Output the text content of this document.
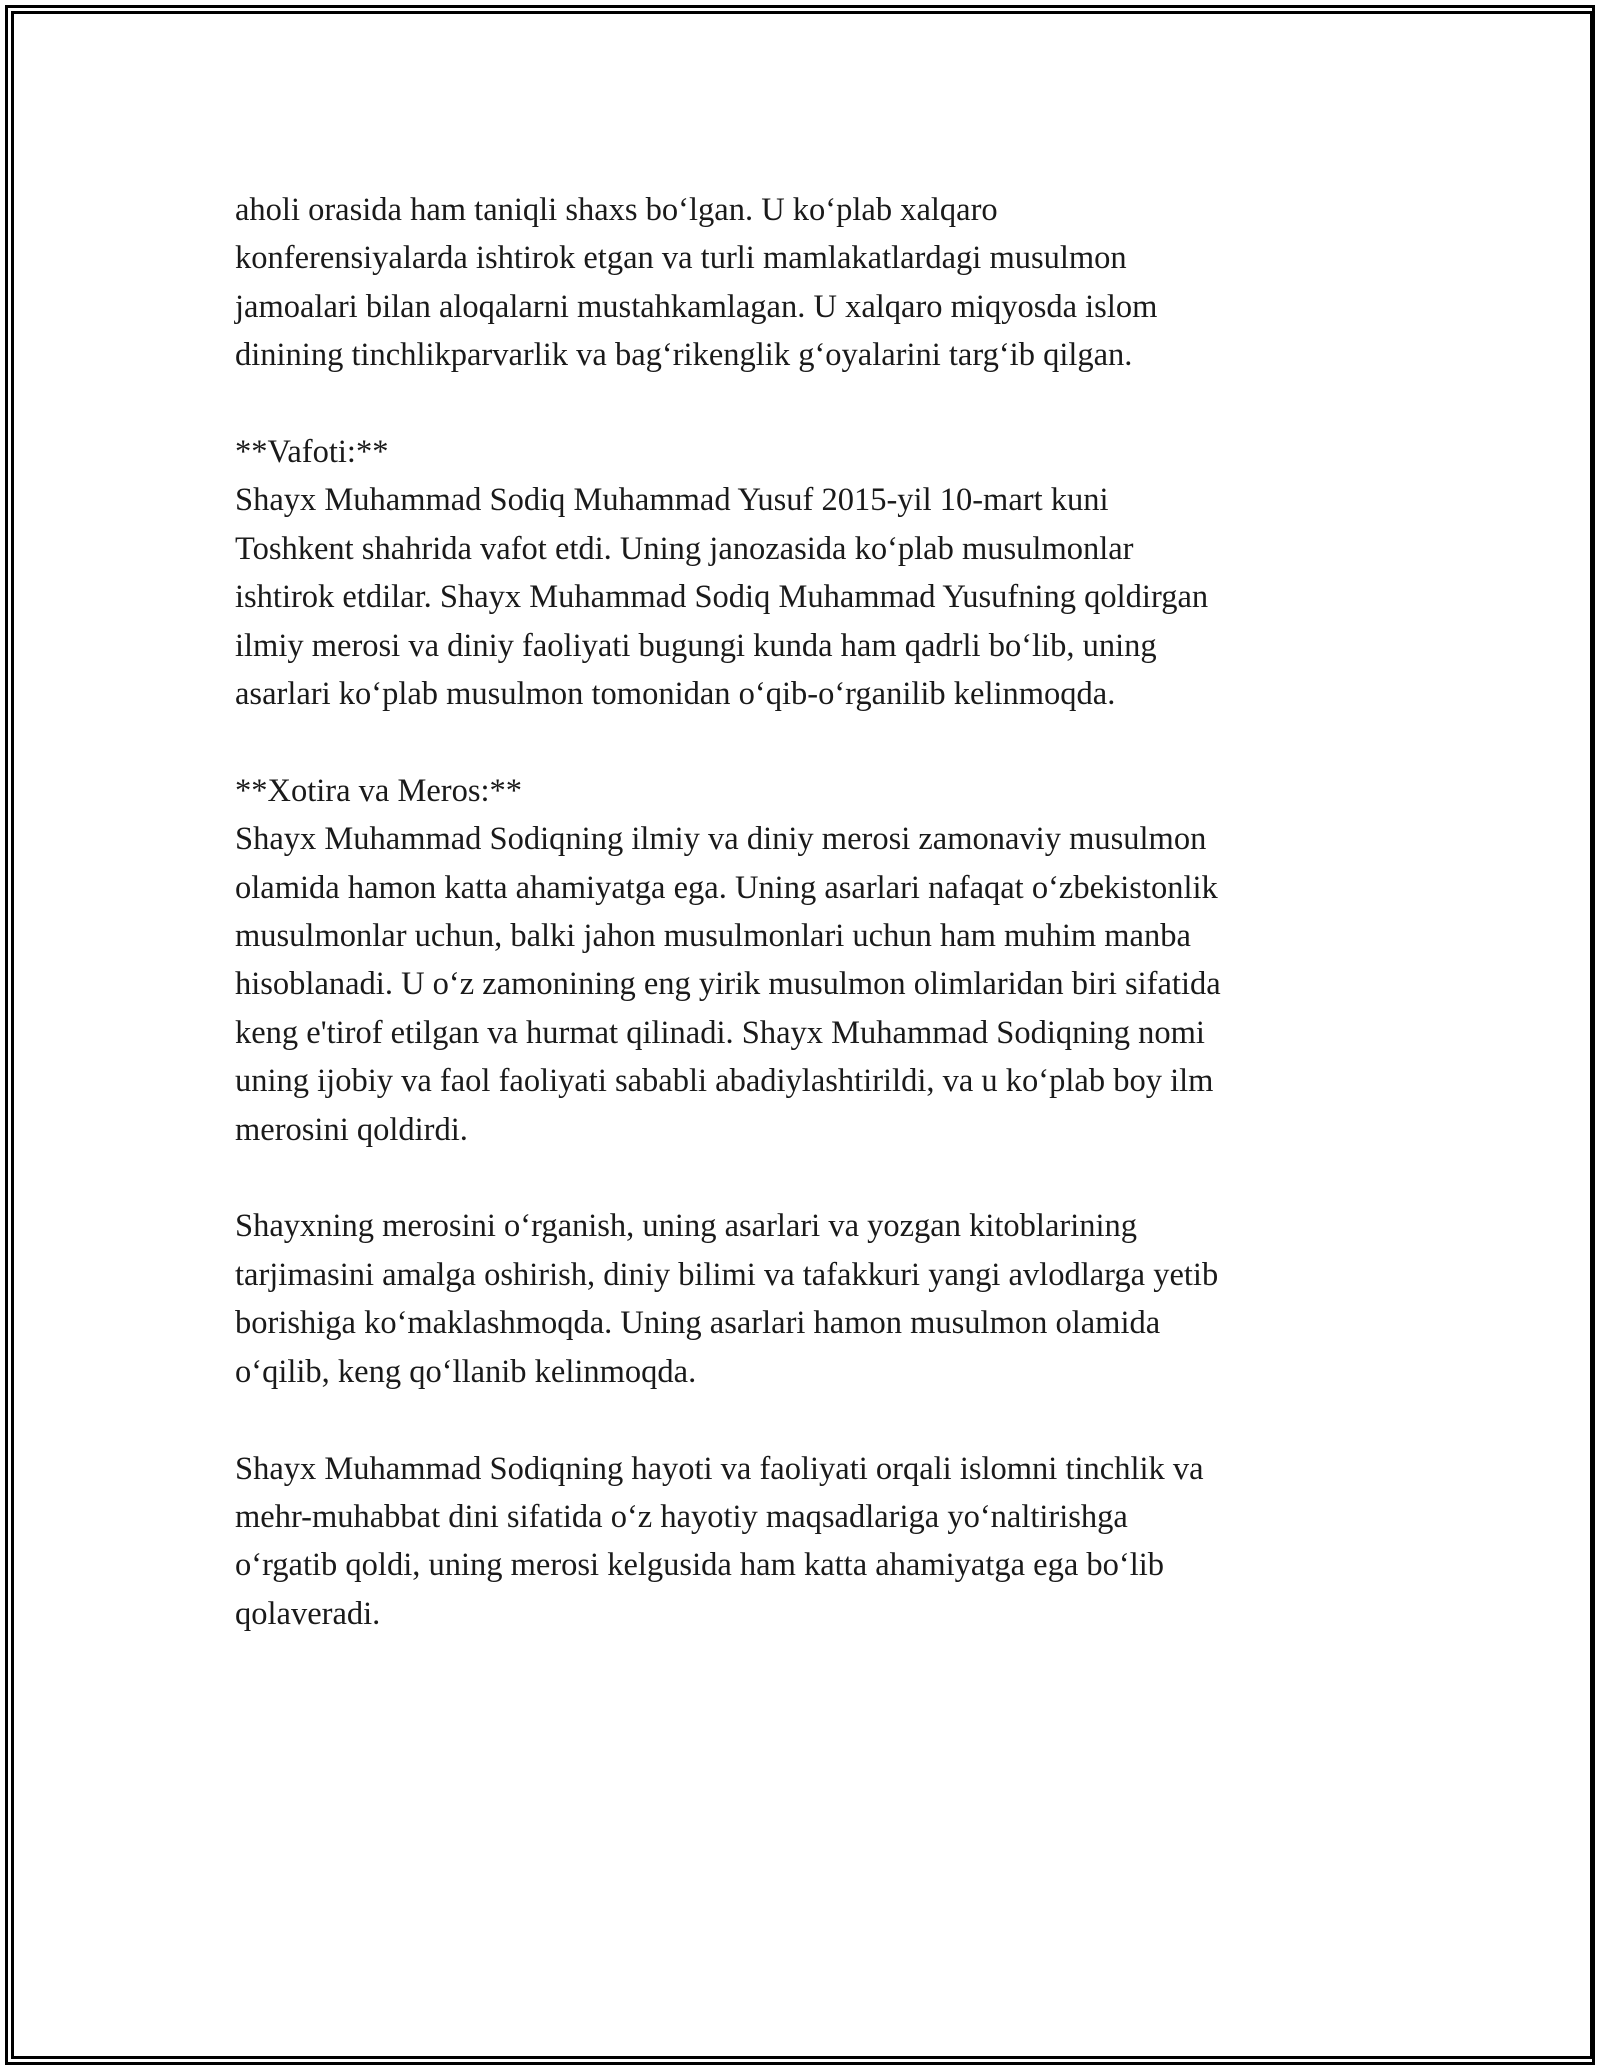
aholi orasida ham taniqli shaxs bo‘lgan. U ko‘plab xalqaro
konferensiyalarda ishtirok etgan va turli mamlakatlardagi musulmon
jamoalari bilan aloqalarni mustahkamlagan. U xalqaro miqyosda islom
dinining tinchlikparvarlik va bag‘rikenglik g‘oyalarini targ‘ib qilgan.
**Vafoti:**
Shayx Muhammad Sodiq Muhammad Yusuf 2015-yil 10-mart kuni
Toshkent shahrida vafot etdi. Uning janozasida ko‘plab musulmonlar
ishtirok etdilar. Shayx Muhammad Sodiq Muhammad Yusufning qoldirgan
ilmiy merosi va diniy faoliyati bugungi kunda ham qadrli bo‘lib, uning
asarlari ko‘plab musulmon tomonidan o‘qib-o‘rganilib kelinmoqda.
**Xotira va Meros:**
Shayx Muhammad Sodiqning ilmiy va diniy merosi zamonaviy musulmon
olamida hamon katta ahamiyatga ega. Uning asarlari nafaqat o‘zbekistonlik
musulmonlar uchun, balki jahon musulmonlari uchun ham muhim manba
hisoblanadi. U o‘z zamonining eng yirik musulmon olimlaridan biri sifatida
keng e'tirof etilgan va hurmat qilinadi. Shayx Muhammad Sodiqning nomi
uning ijobiy va faol faoliyati sababli abadiylashtirildi, va u ko‘plab boy ilm
merosini qoldirdi.
Shayxning merosini o‘rganish, uning asarlari va yozgan kitoblarining
tarjimasini amalga oshirish, diniy bilimi va tafakkuri yangi avlodlarga yetib
borishiga ko‘maklashmoqda. Uning asarlari hamon musulmon olamida
o‘qilib, keng qo‘llanib kelinmoqda.
Shayx Muhammad Sodiqning hayoti va faoliyati orqali islomni tinchlik va
mehr-muhabbat dini sifatida o‘z hayotiy maqsadlariga yo‘naltirishga
o‘rgatib qoldi, uning merosi kelgusida ham katta ahamiyatga ega bo‘lib
qolaveradi.
